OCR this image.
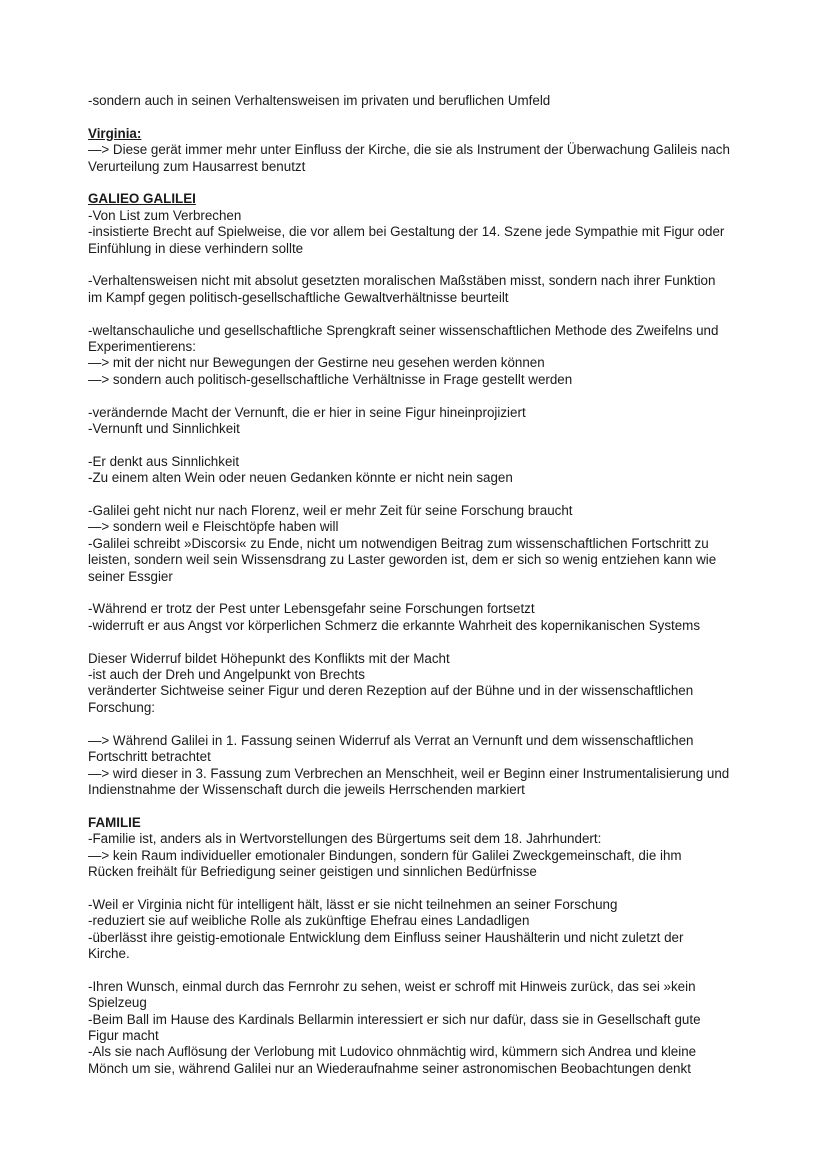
-sondern auch in seinen Verhaltensweisen im privaten und beruflichen Umfeld
Virginia:
—> Diese gerät immer mehr unter Einfluss der Kirche, die sie als Instrument der Überwachung Galileis nach
Verurteilung zum Hausarrest benutzt
GALIEO GALILEI
-Von List zum Verbrechen
-insistierte Brecht auf Spielweise, die vor allem bei Gestaltung der 14. Szene jede Sympathie mit Figur oder
Einfühlung in diese verhindern sollte
-Verhaltensweisen nicht mit absolut gesetzten moralischen Maßstäben misst, sondern nach ihrer Funktion
im Kampf gegen politisch-gesellschaftliche Gewaltverhältnisse beurteilt
-weltanschauliche und gesellschaftliche Sprengkraft seiner wissenschaftlichen Methode des Zweifelns und
Experimentierens:
—> mit der nicht nur Bewegungen der Gestirne neu gesehen werden können
—> sondern auch politisch-gesellschaftliche Verhältnisse in Frage gestellt werden
-verändernde Macht der Vernunft, die er hier in seine Figur hineinprojiziert
-Vernunft und Sinnlichkeit
-Er denkt aus Sinnlichkeit
-Zu einem alten Wein oder neuen Gedanken könnte er nicht nein sagen
-Galilei geht nicht nur nach Florenz, weil er mehr Zeit für seine Forschung braucht
—> sondern weil e Fleischtöpfe haben will
-Galilei schreibt »Discorsi« zu Ende, nicht um notwendigen Beitrag zum wissenschaftlichen Fortschritt zu
leisten, sondern weil sein Wissensdrang zu Laster geworden ist, dem er sich so wenig entziehen kann wie
seiner Essgier
-Während er trotz der Pest unter Lebensgefahr seine Forschungen fortsetzt
-widerruft er aus Angst vor körperlichen Schmerz die erkannte Wahrheit des kopernikanischen Systems
Dieser Widerruf bildet Höhepunkt des Konflikts mit der Macht
-ist auch der Dreh und Angelpunkt von Brechts
veränderter Sichtweise seiner Figur und deren Rezeption auf der Bühne und in der wissenschaftlichen
Forschung:
—> Während Galilei in 1. Fassung seinen Widerruf als Verrat an Vernunft und dem wissenschaftlichen
Fortschritt betrachtet
—> wird dieser in 3. Fassung zum Verbrechen an Menschheit, weil er Beginn einer Instrumentalisierung und
Indienstnahme der Wissenschaft durch die jeweils Herrschenden markiert
FAMILIE
-Familie ist, anders als in Wertvorstellungen des Bürgertums seit dem 18. Jahrhundert:
—> kein Raum individueller emotionaler Bindungen, sondern für Galilei Zweckgemeinschaft, die ihm
Rücken freihält für Befriedigung seiner geistigen und sinnlichen Bedürfnisse
-Weil er Virginia nicht für intelligent hält, lässt er sie nicht teilnehmen an seiner Forschung
-reduziert sie auf weibliche Rolle als zukünftige Ehefrau eines Landadligen
-überlässt ihre geistig-emotionale Entwicklung dem Einfluss seiner Haushälterin und nicht zuletzt der
Kirche.
-Ihren Wunsch, einmal durch das Fernrohr zu sehen, weist er schroff mit Hinweis zurück, das sei »kein
Spielzeug
-Beim Ball im Hause des Kardinals Bellarmin interessiert er sich nur dafür, dass sie in Gesellschaft gute
Figur macht
-Als sie nach Auflösung der Verlobung mit Ludovico ohnmächtig wird, kümmern sich Andrea und kleine
Mönch um sie, während Galilei nur an Wiederaufnahme seiner astronomischen Beobachtungen denkt
